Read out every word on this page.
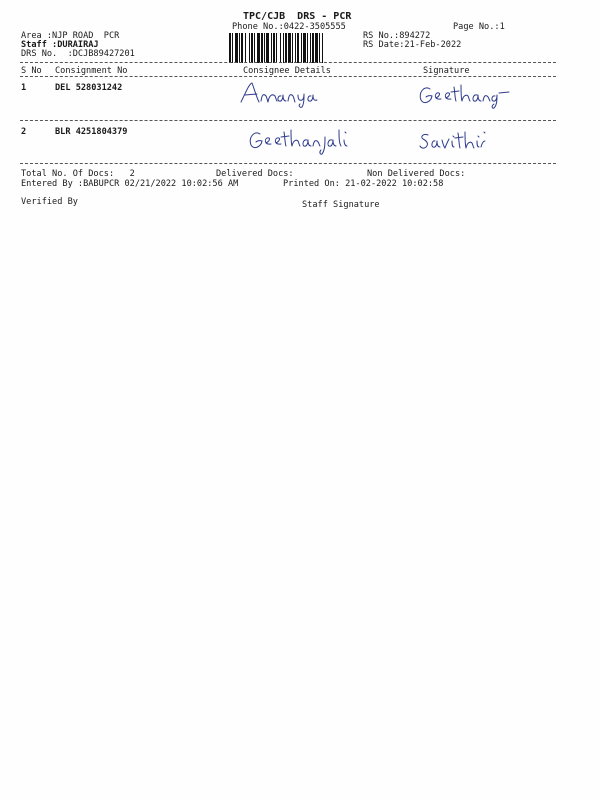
TPC/CJB  DRS - PCR
Phone No.:0422-3505555	Page No.:1
Area :NJP ROAD  PCR
Staff :DURAIRAJ
DRS No.  :DCJB89427201
RS No.:894272
RS Date:21-Feb-2022
S No Consignment No	Consignee Details	Signature
1	DEL 528031242
2	BLR 4251804379
Total No. Of Docs:   2	Delivered Docs:	Non Delivered Docs:
Entered By :BABUPCR 02/21/2022 10:02:56 AM	Printed On: 21-02-2022 10:02:58
Verified By	Staff Signature
